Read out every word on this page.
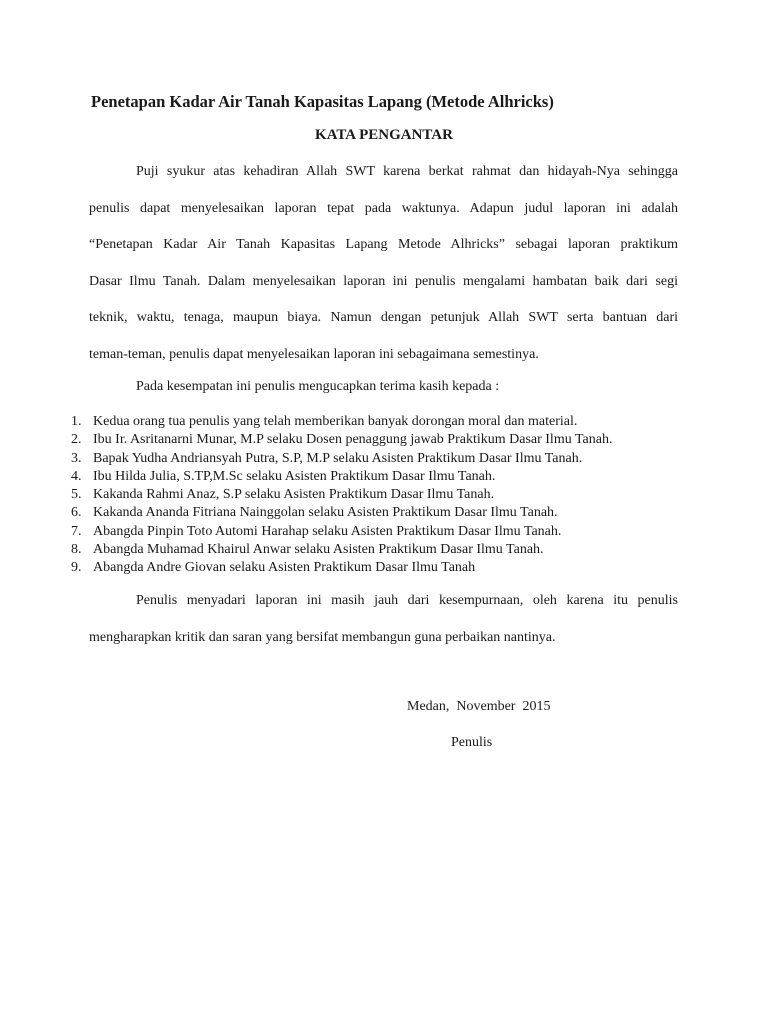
Penetapan Kadar Air Tanah Kapasitas Lapang (Metode Alhricks)
KATA PENGANTAR
Puji syukur atas kehadiran Allah SWT karena berkat rahmat dan hidayah-Nya sehingga
penulis dapat menyelesaikan laporan tepat pada waktunya. Adapun judul laporan ini adalah
“Penetapan Kadar Air Tanah Kapasitas Lapang Metode Alhricks” sebagai laporan praktikum
Dasar Ilmu Tanah. Dalam menyelesaikan laporan ini penulis mengalami hambatan baik dari segi
teknik, waktu, tenaga, maupun biaya. Namun dengan petunjuk Allah SWT serta bantuan dari
teman-teman, penulis dapat menyelesaikan laporan ini sebagaimana semestinya.
Pada kesempatan ini penulis mengucapkan terima kasih kepada :
1. Kedua orang tua penulis yang telah memberikan banyak dorongan moral dan material.
2. Ibu Ir. Asritanarni Munar, M.P selaku Dosen penaggung jawab Praktikum Dasar Ilmu Tanah.
3. Bapak Yudha Andriansyah Putra, S.P, M.P selaku Asisten Praktikum Dasar Ilmu Tanah.
4. Ibu Hilda Julia, S.TP,M.Sc selaku Asisten Praktikum Dasar Ilmu Tanah.
5. Kakanda Rahmi Anaz, S.P selaku Asisten Praktikum Dasar Ilmu Tanah.
6. Kakanda Ananda Fitriana Nainggolan selaku Asisten Praktikum Dasar Ilmu Tanah.
7. Abangda Pinpin Toto Automi Harahap selaku Asisten Praktikum Dasar Ilmu Tanah.
8. Abangda Muhamad Khairul Anwar selaku Asisten Praktikum Dasar Ilmu Tanah.
9. Abangda Andre Giovan selaku Asisten Praktikum Dasar Ilmu Tanah
Penulis menyadari laporan ini masih jauh dari kesempurnaan, oleh karena itu penulis
mengharapkan kritik dan saran yang bersifat membangun guna perbaikan nantinya.
Medan,  November  2015
Penulis
